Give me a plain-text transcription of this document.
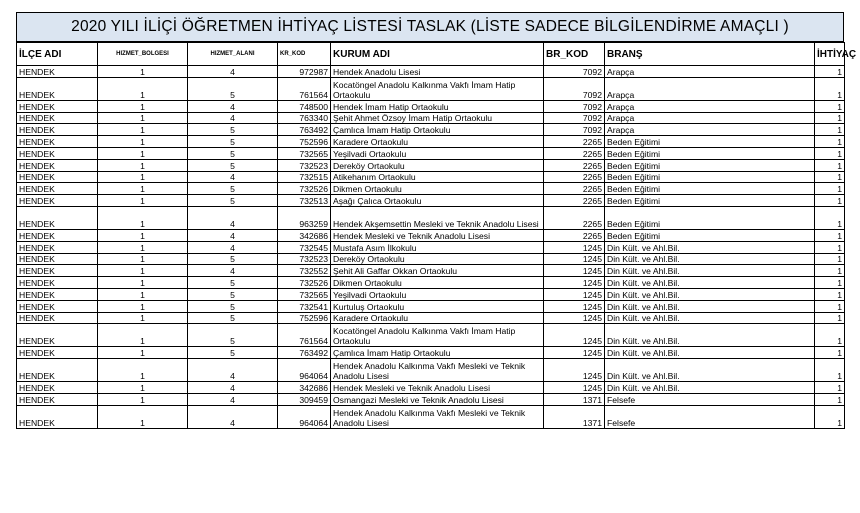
2020 YILI İLİÇİ ÖĞRETMEN İHTİYAÇ LİSTESİ TASLAK (LİSTE SADECE BİLGİLENDİRME AMAÇLI )
İLÇE ADI	HIZMET_BOLGESI	HIZMET_ALANI	KR_KOD	KURUM ADI	BR_KOD	BRANŞ	İHTİYAÇ
HENDEK	1	4	972987	Hendek Anadolu Lisesi	7092	Arapça	1
HENDEK	1	5	761564	Kocatöngel Anadolu Kalkınma Vakfı İmam Hatip Ortaokulu	7092	Arapça	1
HENDEK	1	4	748500	Hendek İmam Hatip Ortaokulu	7092	Arapça	1
HENDEK	1	4	763340	Şehit Ahmet Özsoy İmam Hatip Ortaokulu	7092	Arapça	1
HENDEK	1	5	763492	Çamlıca İmam Hatip Ortaokulu	7092	Arapça	1
HENDEK	1	5	752596	Karadere Ortaokulu	2265	Beden Eğitimi	1
HENDEK	1	5	732565	Yeşilvadi Ortaokulu	2265	Beden Eğitimi	1
HENDEK	1	5	732523	Dereköy Ortaokulu	2265	Beden Eğitimi	1
HENDEK	1	4	732515	Atikehanım Ortaokulu	2265	Beden Eğitimi	1
HENDEK	1	5	732526	Dikmen Ortaokulu	2265	Beden Eğitimi	1
HENDEK	1	5	732513	Aşağı Çalıca Ortaokulu	2265	Beden Eğitimi	1
HENDEK	1	4	963259	Hendek Akşemsettin Mesleki ve Teknik Anadolu Lisesi	2265	Beden Eğitimi	1
HENDEK	1	4	342686	Hendek Mesleki ve Teknik Anadolu Lisesi	2265	Beden Eğitimi	1
HENDEK	1	4	732545	Mustafa Asım İlkokulu	1245	Din Kült. ve Ahl.Bil.	1
HENDEK	1	5	732523	Dereköy Ortaokulu	1245	Din Kült. ve Ahl.Bil.	1
HENDEK	1	4	732552	Şehit Ali Gaffar Okkan Ortaokulu	1245	Din Kült. ve Ahl.Bil.	1
HENDEK	1	5	732526	Dikmen Ortaokulu	1245	Din Kült. ve Ahl.Bil.	1
HENDEK	1	5	732565	Yeşilvadi Ortaokulu	1245	Din Kült. ve Ahl.Bil.	1
HENDEK	1	5	732541	Kurtuluş Ortaokulu	1245	Din Kült. ve Ahl.Bil.	1
HENDEK	1	5	752596	Karadere Ortaokulu	1245	Din Kült. ve Ahl.Bil.	1
HENDEK	1	5	761564	Kocatöngel Anadolu Kalkınma Vakfı İmam Hatip Ortaokulu	1245	Din Kült. ve Ahl.Bil.	1
HENDEK	1	5	763492	Çamlıca İmam Hatip Ortaokulu	1245	Din Kült. ve Ahl.Bil.	1
HENDEK	1	4	964064	Hendek Anadolu Kalkınma Vakfı Mesleki ve Teknik Anadolu Lisesi	1245	Din Kült. ve Ahl.Bil.	1
HENDEK	1	4	342686	Hendek Mesleki ve Teknik Anadolu Lisesi	1245	Din Kült. ve Ahl.Bil.	1
HENDEK	1	4	309459	Osmangazi Mesleki ve Teknik Anadolu Lisesi	1371	Felsefe	1
HENDEK	1	4	964064	Hendek Anadolu Kalkınma Vakfı Mesleki ve Teknik Anadolu Lisesi	1371	Felsefe	1
